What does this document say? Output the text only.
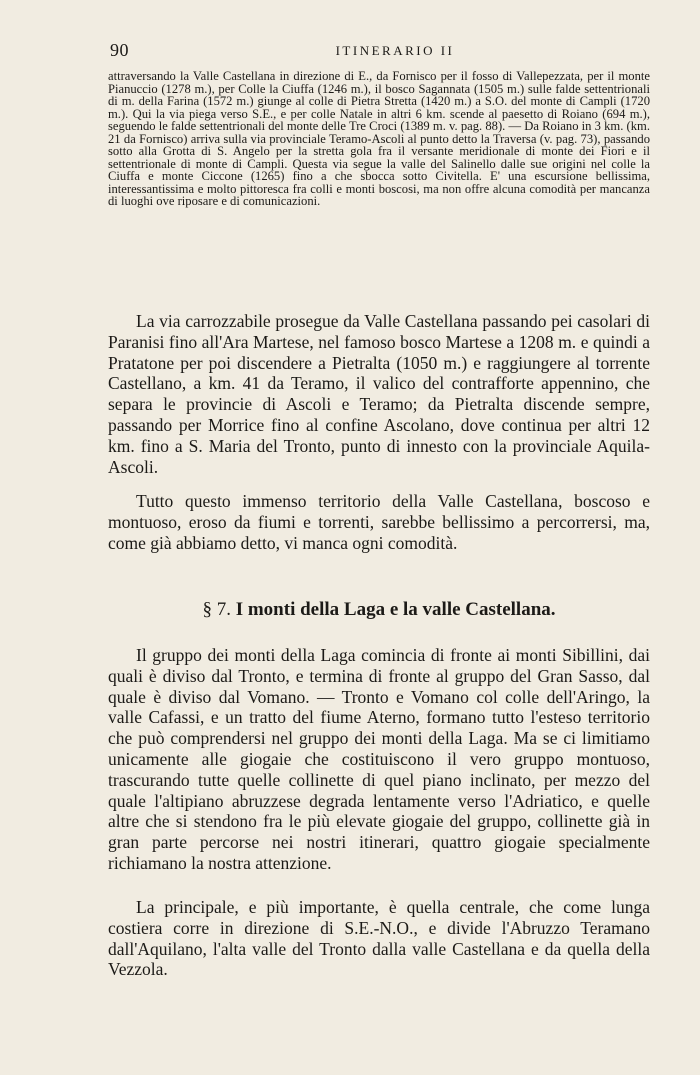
90	ITINERARIO II

attraversando la Valle Castellana in direzione di E., da Fornisco per il fosso di Vallepezzata, per il monte Pianuccio (1278 m.), per Colle la Ciuffa (1246 m.), il bosco Sagannata (1505 m.) sulle falde settentrionali di m. della Farina (1572 m.) giunge al colle di Pietra Stretta (1420 m.) a S.O. del monte di Campli (1720 m.). Qui la via piega verso S.E., e per colle Natale in altri 6 km. scende al paesetto di Roiano (694 m.), seguendo le falde settentrionali del monte delle Tre Croci (1389 m. v. pag. 88). — Da Roiano in 3 km. (km. 21 da Fornisco) arriva sulla via provinciale Teramo-Ascoli al punto detto la Traversa (v. pag. 73), passando sotto alla Grotta di S. Angelo per la stretta gola fra il versante meridionale di monte dei Fiori e il settentrionale di monte di Campli. Questa via segue la valle del Salinello dalle sue origini nel colle la Ciuffa e monte Ciccone (1265) fino a che sbocca sotto Civitella. E' una escursione bellissima, interessantissima e molto pittoresca fra colli e monti boscosi, ma non offre alcuna comodità per mancanza di luoghi ove riposare e di comunicazioni.

La via carrozzabile prosegue da Valle Castellana passando pei casolari di Paranisi fino all'Ara Martese, nel famoso bosco Martese a 1208 m. e quindi a Pratatone per poi discendere a Pietralta (1050 m.) e raggiungere al torrente Castellano, a km. 41 da Teramo, il valico del contrafforte appennino, che separa le provincie di Ascoli e Teramo; da Pietralta discende sempre, passando per Morrice fino al confine Ascolano, dove continua per altri 12 km. fino a S. Maria del Tronto, punto di innesto con la provinciale Aquila-Ascoli.

Tutto questo immenso territorio della Valle Castellana, boscoso e montuoso, eroso da fiumi e torrenti, sarebbe bellissimo a percorrersi, ma, come già abbiamo detto, vi manca ogni comodità.

§ 7. I monti della Laga e la valle Castellana.

Il gruppo dei monti della Laga comincia di fronte ai monti Sibillini, dai quali è diviso dal Tronto, e termina di fronte al gruppo del Gran Sasso, dal quale è diviso dal Vomano. — Tronto e Vomano col colle dell'Aringo, la valle Cafassi, e un tratto del fiume Aterno, formano tutto l'esteso territorio che può comprendersi nel gruppo dei monti della Laga. Ma se ci limitiamo unicamente alle giogaie che costituiscono il vero gruppo montuoso, trascurando tutte quelle collinette di quel piano inclinato, per mezzo del quale l'altipiano abruzzese degrada lentamente verso l'Adriatico, e quelle altre che si stendono fra le più elevate giogaie del gruppo, collinette già in gran parte percorse nei nostri itinerari, quattro giogaie specialmente richiamano la nostra attenzione.

La principale, e più importante, è quella centrale, che come lunga costiera corre in direzione di S.E.-N.O., e divide l'Abruzzo Teramano dall'Aquilano, l'alta valle del Tronto dalla valle Castellana e da quella della Vezzola.
